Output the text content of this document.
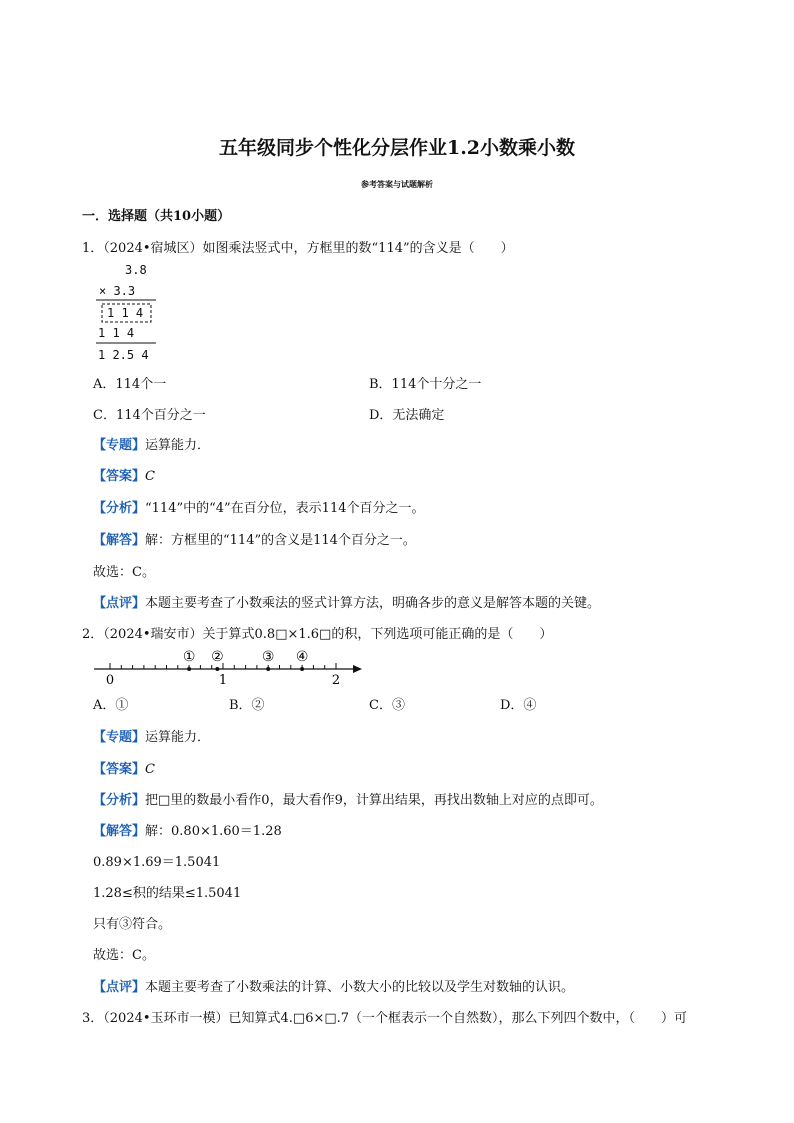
五年级同步个性化分层作业1.2小数乘小数
参考答案与试题解析
一．选择题（共10小题）
1．（2024•宿城区）如图乘法竖式中，方框里的数“114”的含义是（　　）
3.8
× 3.3
1 1 4
1 1 4
1 2.5 4
A．114个一	B．114个十分之一
C．114个百分之一	D．无法确定
【专题】运算能力．
【答案】C
【分析】“114”中的“4”在百分位，表示114个百分之一。
【解答】解：方框里的“114”的含义是114个百分之一。
故选：C。
【点评】本题主要考查了小数乘法的竖式计算方法，明确各步的意义是解答本题的关键。
2．（2024•瑞安市）关于算式0.8□×1.6□的积，下列选项可能正确的是（　　）
0	1	2
① ②	③ ④
A．①	B．②	C．③	D．④
【专题】运算能力．
【答案】C
【分析】把□里的数最小看作0，最大看作9，计算出结果，再找出数轴上对应的点即可。
【解答】解：0.80×1.60＝1.28
0.89×1.69＝1.5041
1.28≤积的结果≤1.5041
只有③符合。
故选：C。
【点评】本题主要考查了小数乘法的计算、小数大小的比较以及学生对数轴的认识。
3．（2024•玉环市一模）已知算式4.□6×□.7（一个框表示一个自然数），那么下列四个数中，（　　）可
